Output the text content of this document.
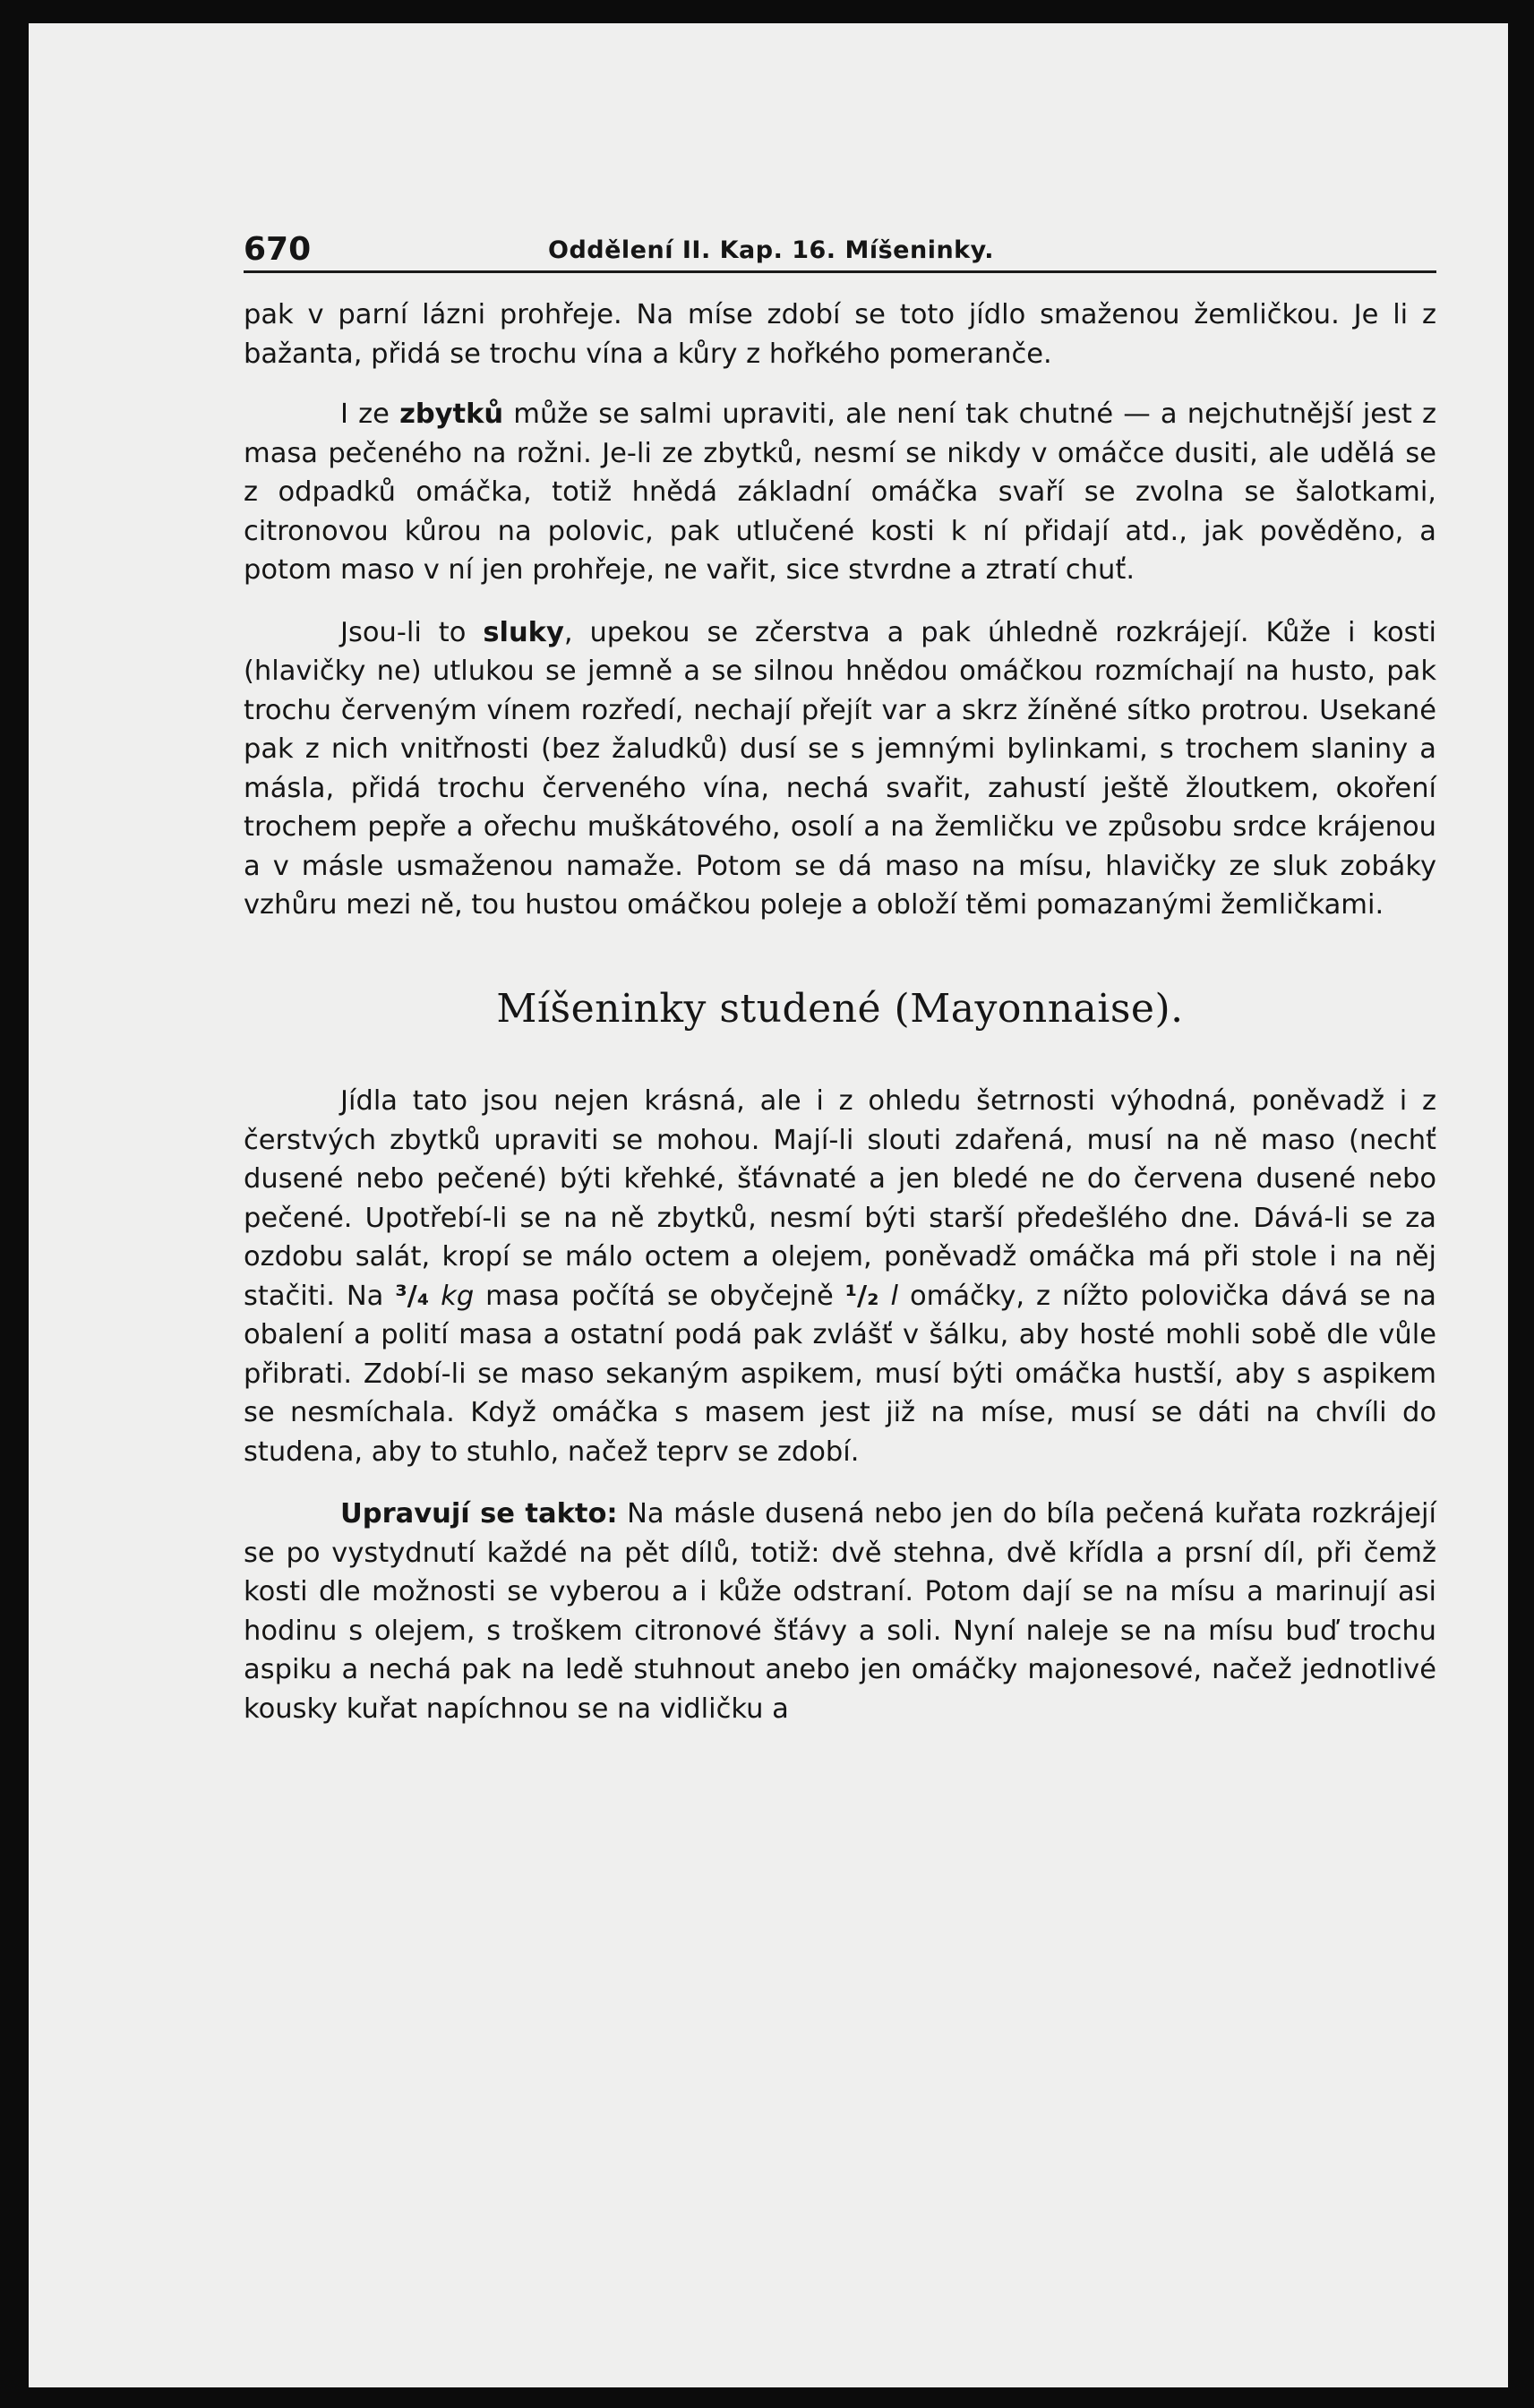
670	Oddělení II. Kap. 16. Míšeninky.

pak v parní lázni prohřeje. Na míse zdobí se toto jídlo smaženou žemličkou. Je li z bažanta, přidá se trochu vína a kůry z hořkého pomeranče.

I ze zbytků může se salmi upraviti, ale není tak chutné — a nejchutnější jest z masa pečeného na rožni. Je-li ze zbytků, nesmí se nikdy v omáčce dusiti, ale udělá se z odpadků omáčka, totiž hnědá základní omáčka svaří se zvolna se šalotkami, citronovou kůrou na polovic, pak utlučené kosti k ní přidají atd., jak pověděno, a potom maso v ní jen prohřeje, ne vařit, sice stvrdne a ztratí chuť.

Jsou-li to sluky, upekou se zčerstva a pak úhledně rozkrájejí. Kůže i kosti (hlavičky ne) utlukou se jemně a se silnou hnědou omáčkou rozmíchají na husto, pak trochu červeným vínem rozředí, nechají přejít var a skrz žíněné sítko protrou. Usekané pak z nich vnitřnosti (bez žaludků) dusí se s jemnými bylinkami, s trochem slaniny a másla, přidá trochu červeného vína, nechá svařit, zahustí ještě žloutkem, okoření trochem pepře a ořechu muškátového, osolí a na žemličku ve způsobu srdce krájenou a v másle usmaženou namaže. Potom se dá maso na mísu, hlavičky ze sluk zobáky vzhůru mezi ně, tou hustou omáčkou poleje a obloží těmi pomazanými žemličkami.

Míšeninky studené (Mayonnaise).

Jídla tato jsou nejen krásná, ale i z ohledu šetrnosti výhodná, poněvadž i z čerstvých zbytků upraviti se mohou. Mají-li slouti zdařená, musí na ně maso (nechť dusené nebo pečené) býti křehké, šťávnaté a jen bledé ne do červena dusené nebo pečené. Upotřebí-li se na ně zbytků, nesmí býti starší předešlého dne. Dává-li se za ozdobu salát, kropí se málo octem a olejem, poněvadž omáčka má při stole i na něj stačiti. Na ³/₄ kg masa počítá se obyčejně ¹/₂ l omáčky, z nížto polovička dává se na obalení a polití masa a ostatní podá pak zvlášť v šálku, aby hosté mohli sobě dle vůle přibrati. Zdobí-li se maso sekaným aspikem, musí býti omáčka hustší, aby s aspikem se nesmíchala. Když omáčka s masem jest již na míse, musí se dáti na chvíli do studena, aby to stuhlo, načež teprv se zdobí.

Upravují se takto: Na másle dusená nebo jen do bíla pečená kuřata rozkrájejí se po vystydnutí každé na pět dílů, totiž: dvě stehna, dvě křídla a prsní díl, při čemž kosti dle možnosti se vyberou a i kůže odstraní. Potom dají se na mísu a marinují asi hodinu s olejem, s troškem citronové šťávy a soli. Nyní naleje se na mísu buď trochu aspiku a nechá pak na ledě stuhnout anebo jen omáčky majonesové, načež jednotlivé kousky kuřat napíchnou se na vidličku a
